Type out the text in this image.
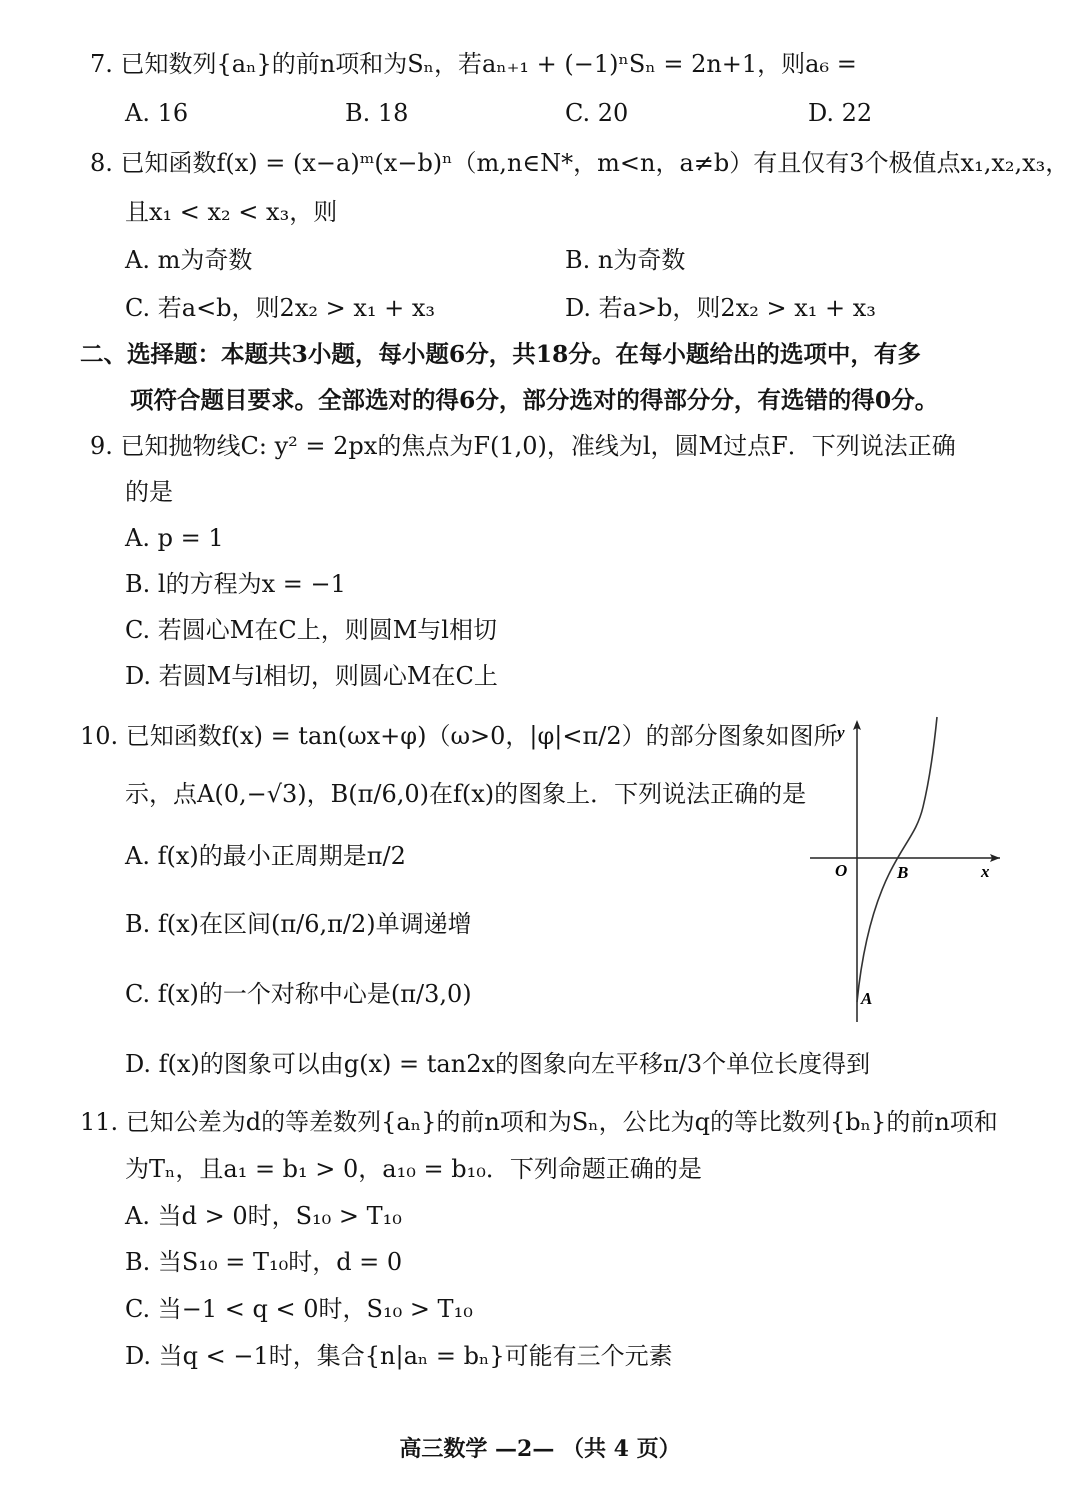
7. 已知数列{aₙ}的前n项和为Sₙ，若aₙ₊₁ + (−1)ⁿSₙ = 2n+1，则a₆ =
A. 16	B. 18	C. 20	D. 22
8. 已知函数f(x) = (x−a)ᵐ(x−b)ⁿ（m,n∈N*，m<n，a≠b）有且仅有3个极值点x₁,x₂,x₃，
且x₁ < x₂ < x₃，则
A. m为奇数	B. n为奇数
C. 若a<b，则2x₂ > x₁ + x₃	D. 若a>b，则2x₂ > x₁ + x₃
二、选择题：本题共3小题，每小题6分，共18分。在每小题给出的选项中，有多
项符合题目要求。全部选对的得6分，部分选对的得部分分，有选错的得0分。
9. 已知抛物线C: y² = 2px的焦点为F(1,0)，准线为l，圆M过点F．下列说法正确
的是
A. p = 1
B. l的方程为x = −1
C. 若圆心M在C上，则圆M与l相切
D. 若圆M与l相切，则圆心M在C上
10. 已知函数f(x) = tan(ωx+φ)（ω>0，|φ|<π/2）的部分图象如图所
示，点A(0,−√3)，B(π/6,0)在f(x)的图象上．下列说法正确的是
A. f(x)的最小正周期是π/2
B. f(x)在区间(π/6,π/2)单调递增
C. f(x)的一个对称中心是(π/3,0)
D. f(x)的图象可以由g(x) = tan2x的图象向左平移π/3个单位长度得到
y
x
O	B
A
11. 已知公差为d的等差数列{aₙ}的前n项和为Sₙ，公比为q的等比数列{bₙ}的前n项和
为Tₙ，且a₁ = b₁ > 0，a₁₀ = b₁₀．下列命题正确的是
A. 当d > 0时，S₁₀ > T₁₀
B. 当S₁₀ = T₁₀时，d = 0
C. 当−1 < q < 0时，S₁₀ > T₁₀
D. 当q < −1时，集合{n|aₙ = bₙ}可能有三个元素
高三数学 —2— （共 4 页）
